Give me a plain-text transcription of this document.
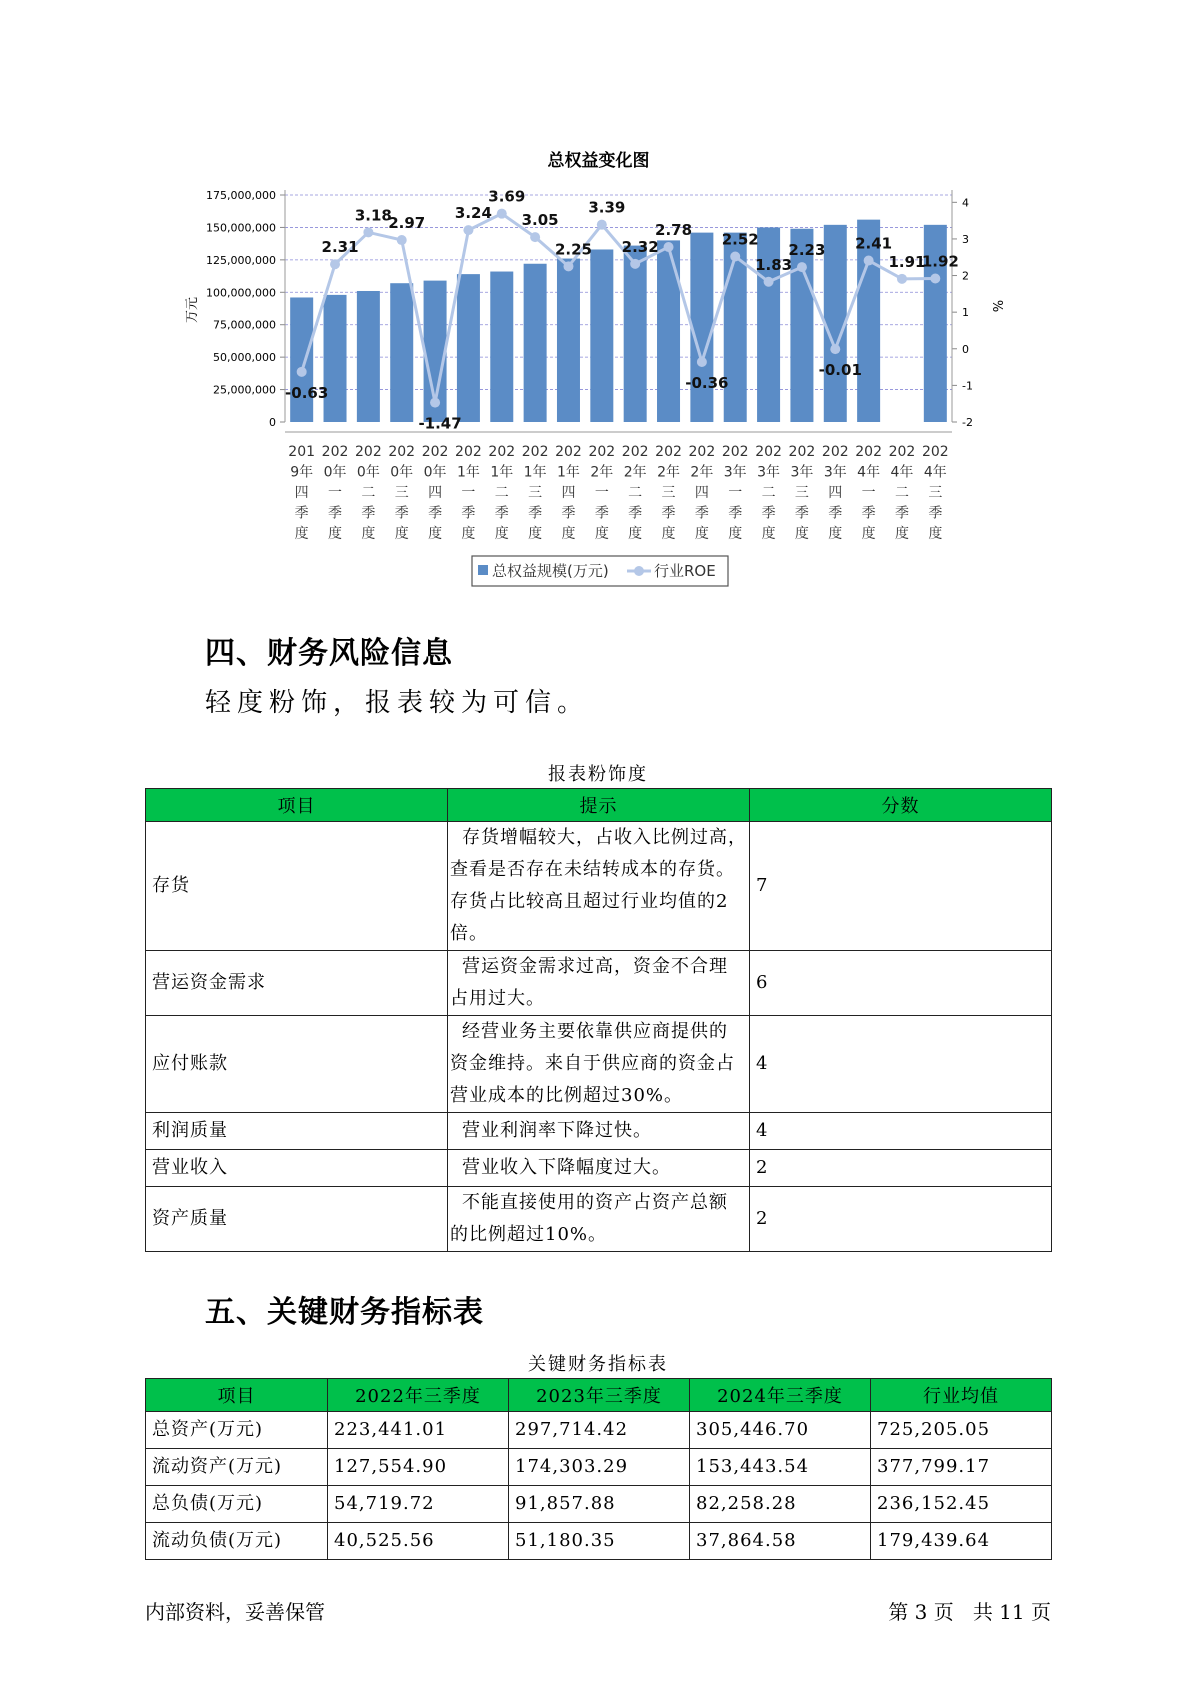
总权益变化图
0
25,000,000
50,000,000
75,000,000
100,000,000
125,000,000
150,000,000
175,000,000
-2
-1
0
1
2
3
4
万元	%
-0.63
2.31
3.18
2.97
-1.47
3.24
3.69
3.05
2.25
3.39
2.32
2.78
-0.36
2.52
1.83
2.23
-0.01
2.41
1.91
1.92
201
9年
四
季
度
202
0年
一
季
度
202
0年
二
季
度
202
0年
三
季
度
202
0年
四
季
度
202
1年
一
季
度
202
1年
二
季
度
202
1年
三
季
度
202
1年
四
季
度
202
2年
一
季
度
202
2年
二
季
度
202
2年
三
季
度
202
2年
四
季
度
202
3年
一
季
度
202
3年
二
季
度
202
3年
三
季
度
202
3年
四
季
度
202
4年
一
季
度
202
4年
二
季
度
202
4年
三
季
度
总权益规模(万元)	行业ROE
四、财务风险信息

轻度粉饰，报表较为可信。

报表粉饰度
项目	提示	分数
存货	存货增幅较大，占收入比例过高，
查看是否存在未结转成本的存货。
存货占比较高且超过行业均值的2
倍。	7
营运资金需求	营运资金需求过高，资金不合理
占用过大。	6
应付账款	经营业务主要依靠供应商提供的
资金维持。来自于供应商的资金占
营业成本的比例超过30%。	4
利润质量	营业利润率下降过快。	4
营业收入	营业收入下降幅度过大。	2
资产质量	不能直接使用的资产占资产总额
的比例超过10%。	2
五、关键财务指标表
关键财务指标表
项目	2022年三季度	2023年三季度	2024年三季度	行业均值
总资产(万元)	223,441.01	297,714.42	305,446.70	725,205.05
流动资产(万元)	127,554.90	174,303.29	153,443.54	377,799.17
总负债(万元)	54,719.72	91,857.88	82,258.28	236,152.45
流动负债(万元)	40,525.56	51,180.35	37,864.58	179,439.64
内部资料，妥善保管	第 3 页   共 11 页
